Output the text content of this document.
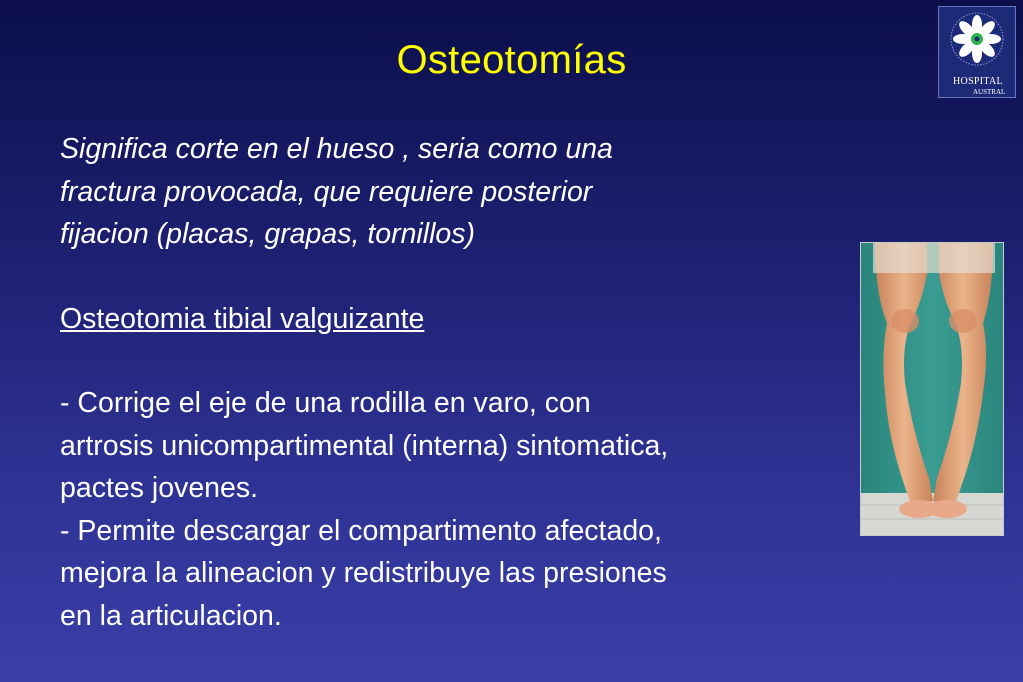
Osteotomías	HOSPITAL
AUSTRAL
Significa corte en el hueso , seria como una
fractura provocada, que requiere posterior
fijacion (placas, grapas, tornillos)
Osteotomia tibial valguizante
- Corrige el eje de una rodilla en varo, con
artrosis unicompartimental (interna) sintomatica,
pactes jovenes.
- Permite descargar el compartimento afectado,
mejora la alineacion y redistribuye las presiones
en la articulacion.
